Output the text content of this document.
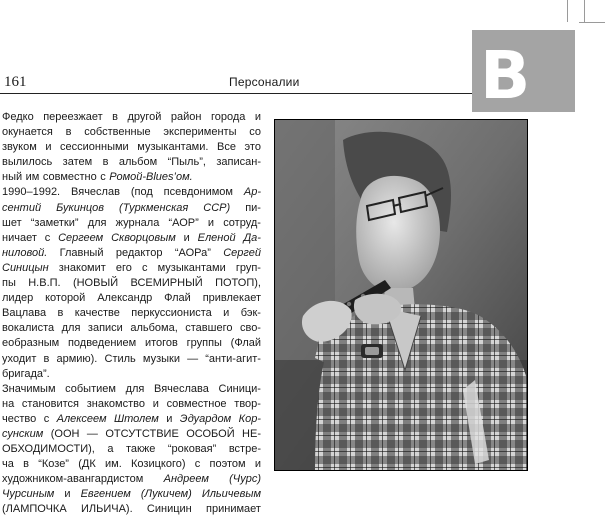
161	Персоналии	В
Федко переезжает в другой район города и
окунается в собственные эксперименты со
звуком и сессионными музыкантами. Все это
вылилось затем в альбом “Пыль”, записан-
ный им совместно с Ромой-Blues’ом.
1990–1992. Вячеслав (под псевдонимом Ар-
сентий Букинцов (Туркменская ССР) пи-
шет “заметки” для журнала “АОР” и сотруд-
ничает с Сергеем Скворцовым и Еленой Да-
ниловой. Главный редактор “АОРа” Сергей
Синицын знакомит его с музыкантами груп-
пы Н.В.П. (НОВЫЙ ВСЕМИРНЫЙ ПОТОП),
лидер которой Александр Флай привлекает
Вацлава в качестве перкуссиониста и бэк-
вокалиста для записи альбома, ставшего сво-
еобразным подведением итогов группы (Флай
уходит в армию). Стиль музыки — “анти-агит-
бригада”.
Значимым событием для Вячеслава Синици-
на становится знакомство и совместное твор-
чество с Алексеем Штолем и Эдуардом Кор-
сунским (ООН — ОТСУТСТВИЕ ОСОБОЙ НЕ-
ОБХОДИМОСТИ), а также “роковая” встре-
ча в “Козе” (ДК им. Козицкого) с поэтом и
художником-авангардистом Андреем (Чурс)
Чурсиным и Евгением (Лукичем) Ильичевым
(ЛАМПОЧКА ИЛЬИЧА). Синицин принимает
